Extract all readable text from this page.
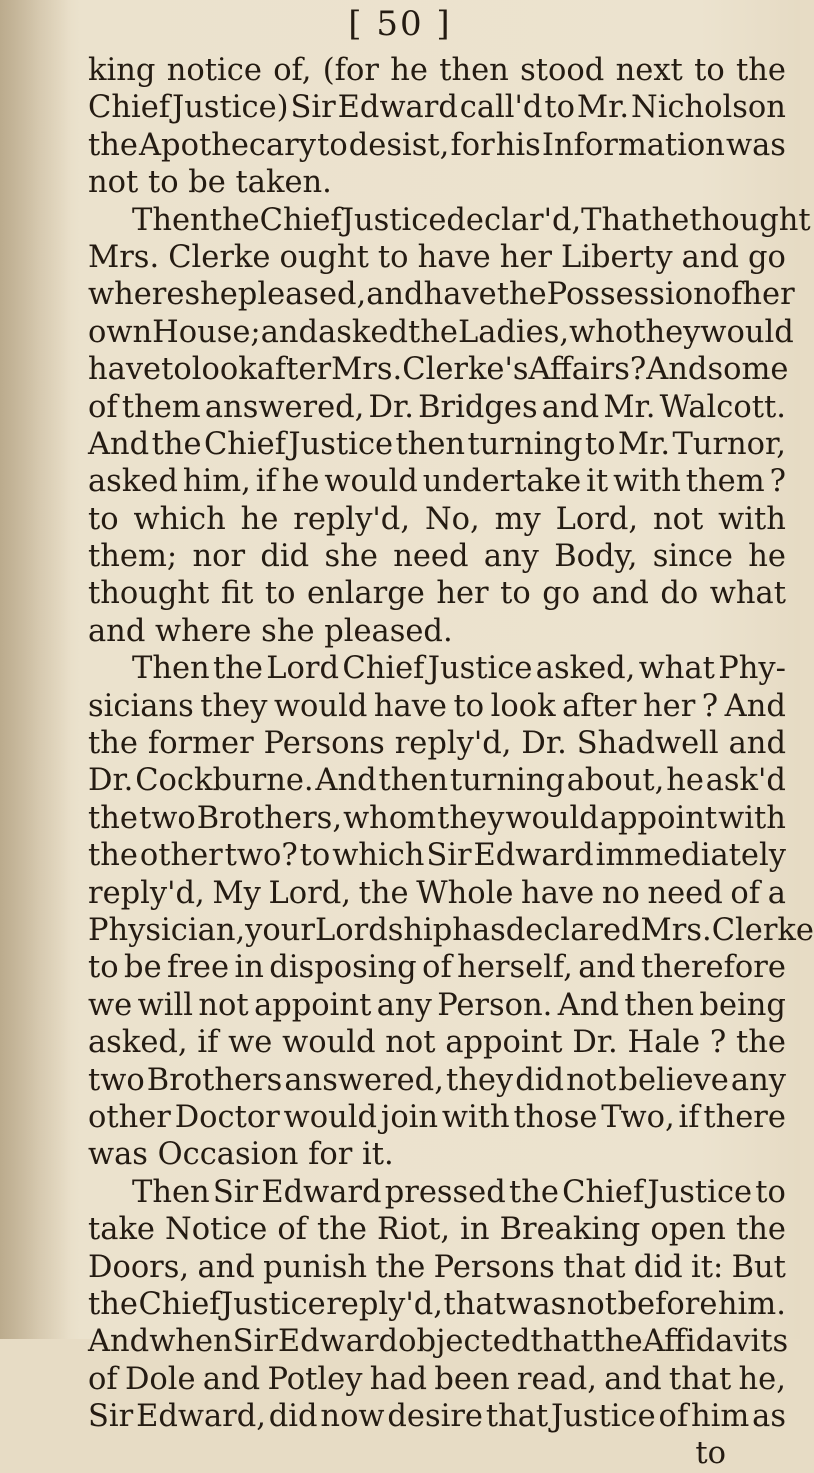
[ 50 ]
king notice of, (for he then stood next to the
Chief Justice) Sir Edward call'd to Mr. Nicholson
the Apothecary to desist, for his Information was
not to be taken.
Then the Chief Justice declar'd, That he thought
Mrs. Clerke ought to have her Liberty and go
where she pleased, and have the Possession of her
own House; and asked the Ladies, who they would
have to look after Mrs. Clerke's Affairs ? And some
of them answered, Dr. Bridges and Mr. Walcott.
And the Chief Justice then turning to Mr. Turnor,
asked him, if he would undertake it with them ?
to which he reply'd, No, my Lord, not with
them; nor did she need any Body, since he
thought fit to enlarge her to go and do what
and where she pleased.
Then the Lord Chief Justice asked, what Phy-
sicians they would have to look after her ? And
the former Persons reply'd, Dr. Shadwell and
Dr. Cockburne. And then turning about, he ask'd
the two Brothers, whom they would appoint with
the other two? to which Sir Edward immediately
reply'd, My Lord, the Whole have no need of a
Physician, your Lordship has declared Mrs. Clerke
to be free in disposing of herself, and therefore
we will not appoint any Person. And then being
asked, if we would not appoint Dr. Hale ? the
two Brothers answered, they did not believe any
other Doctor would join with those Two, if there
was Occasion for it.
Then Sir Edward pressed the Chief Justice to
take Notice of the Riot, in Breaking open the
Doors, and punish the Persons that did it: But
the Chief Justice reply'd, that was not before him.
And when Sir Edward objected that the Affidavits
of Dole and Potley had been read, and that he,
Sir Edward, did now desire that Justice of him as
to
